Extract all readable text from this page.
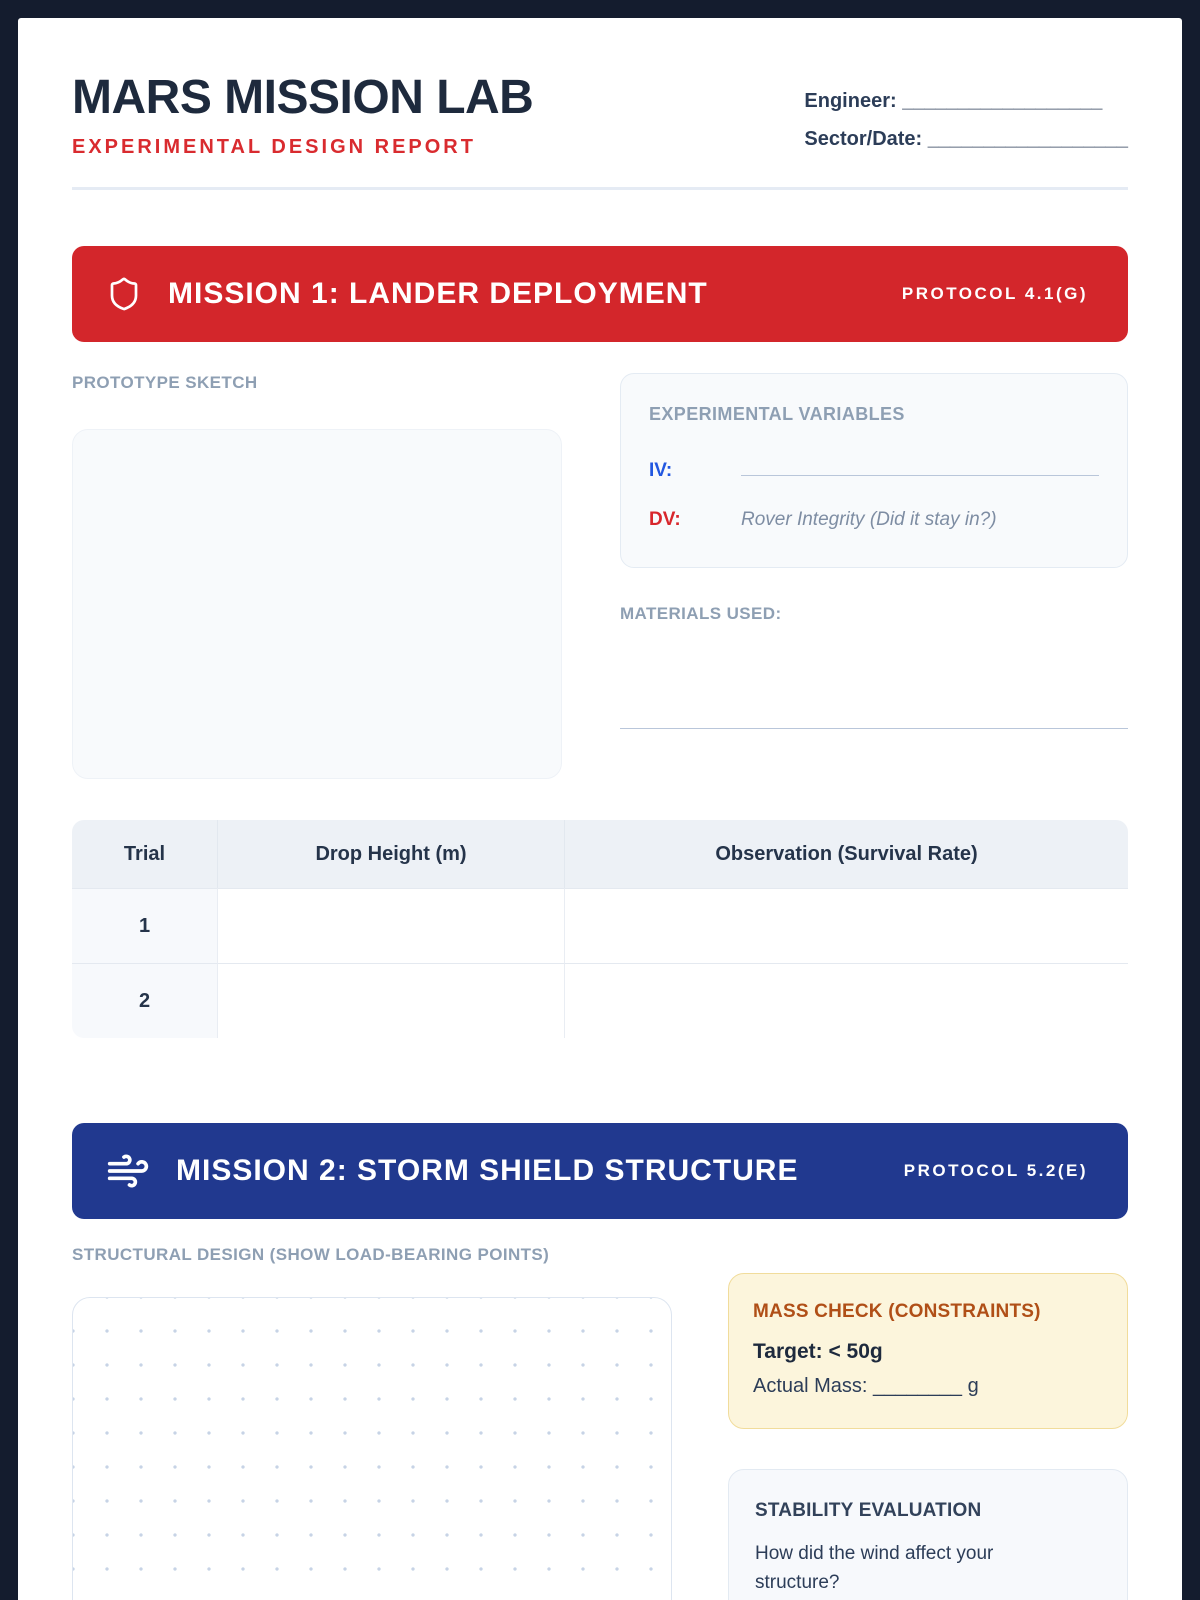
MARS MISSION LAB
EXPERIMENTAL DESIGN REPORT
Engineer: __________________
Sector/Date: __________________
MISSION 1: LANDER DEPLOYMENT	PROTOCOL 4.1(G)
PROTOTYPE SKETCH
EXPERIMENTAL VARIABLES
IV:
DV:	Rover Integrity (Did it stay in?)
MATERIALS USED:
Trial	Drop Height (m)	Observation (Survival Rate)
1		
2		
MISSION 2: STORM SHIELD STRUCTURE	PROTOCOL 5.2(E)
STRUCTURAL DESIGN (SHOW LOAD-BEARING POINTS)
MASS CHECK (CONSTRAINTS)
Target: < 50g
Actual Mass: ________ g
STABILITY EVALUATION
How did the wind affect your structure?
